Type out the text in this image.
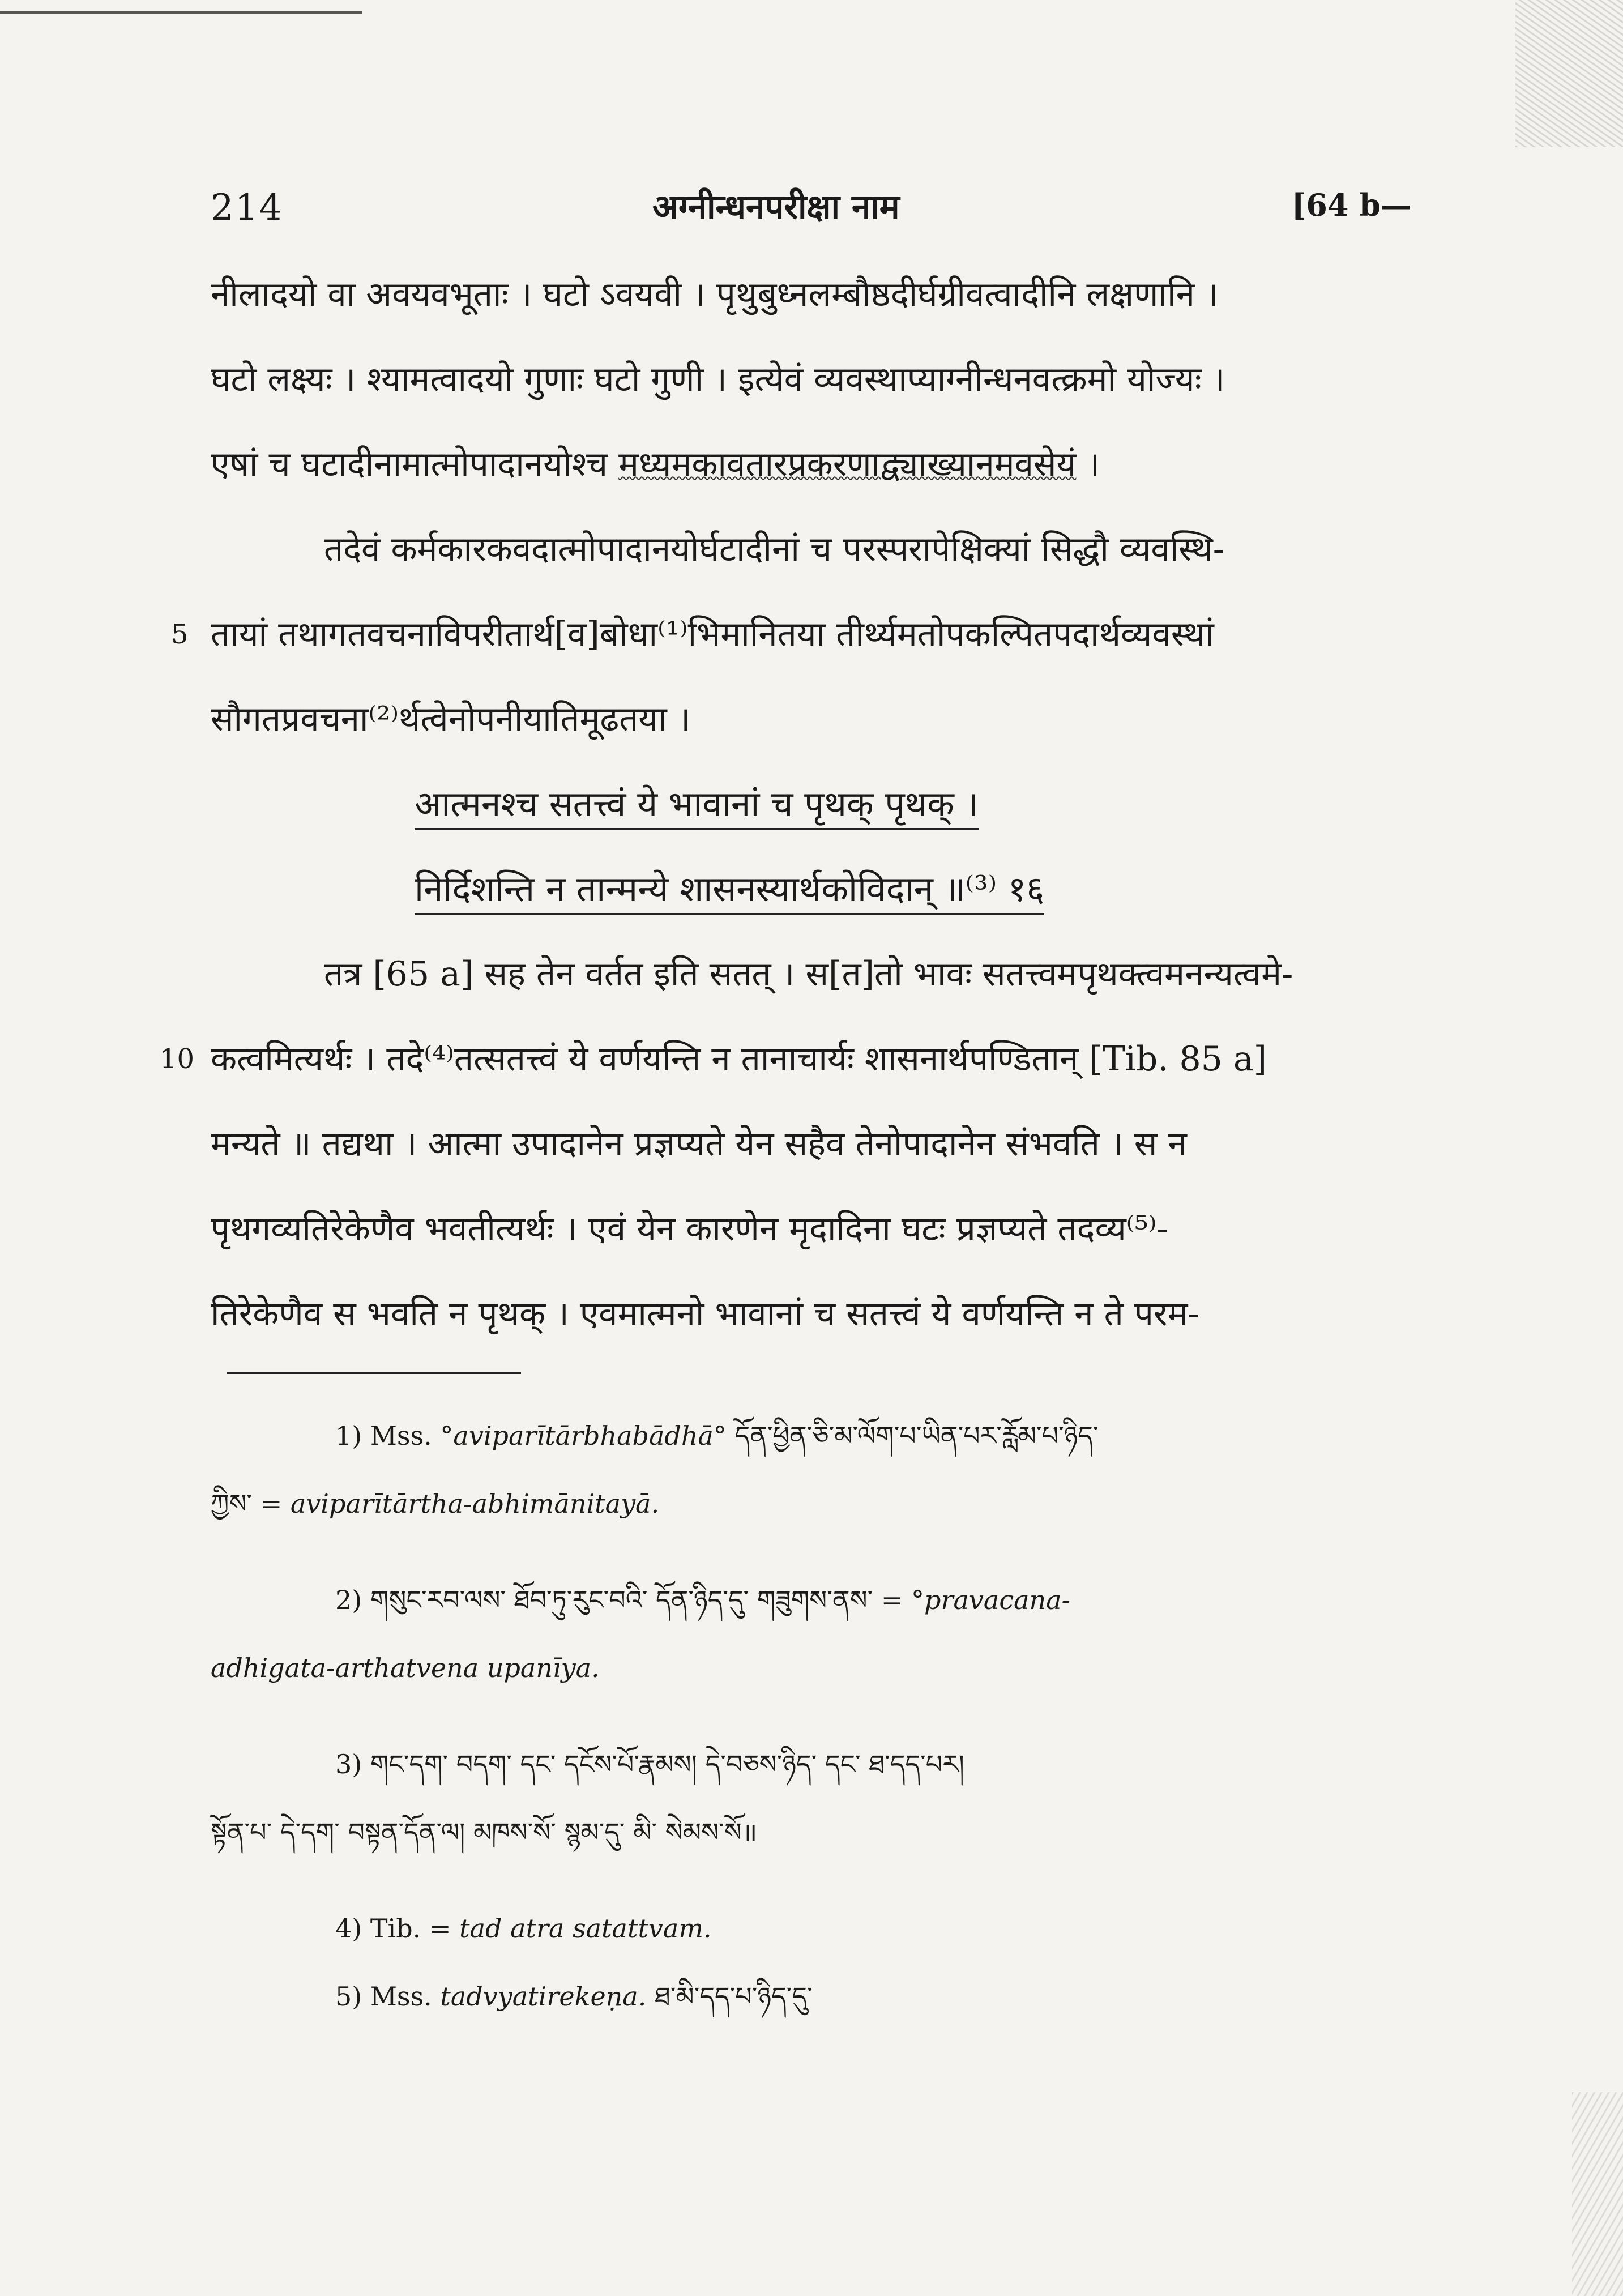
214	अग्नीन्धनपरीक्षा नाम	[64 b—
नीलादयो वा अवयवभूताः । घटो ऽवयवी । पृथुबुध्नलम्बौष्ठदीर्घग्रीवत्वादीनि लक्षणानि ।
घटो लक्ष्यः । श्यामत्वादयो गुणाः घटो गुणी । इत्येवं व्यवस्थाप्याग्नीन्धनवत्क्रमो योज्यः ।
एषां च घटादीनामात्मोपादानयोश्च मध्यमकावतारप्रकरणाद्व्याख्यानमवसेयं ।
तदेवं कर्मकारकवदात्मोपादानयोर्घटादीनां च परस्परापेक्षिक्यां सिद्धौ व्यवस्थि-
5 तायां तथागतवचनाविपरीतार्थ[व]बोधा⁽¹⁾भिमानितया तीर्थ्यमतोपकल्पितपदार्थव्यवस्थां
सौगतप्रवचना⁽²⁾र्थत्वेनोपनीयातिमूढतया ।
आत्मनश्च सतत्त्वं ये भावानां च पृथक् पृथक् ।
निर्दिशन्ति न तान्मन्ये शासनस्यार्थकोविदान् ॥⁽³⁾ १६
तत्र [65 a] सह तेन वर्तत इति सतत् । स[त]तो भावः सतत्त्वमपृथक्त्वमनन्यत्वमे-
10 कत्वमित्यर्थः । तदे⁽⁴⁾तत्सतत्त्वं ये वर्णयन्ति न तानाचार्यः शासनार्थपण्डितान् [Tib. 85 a]
मन्यते ॥ तद्यथा । आत्मा उपादानेन प्रज्ञप्यते येन सहैव तेनोपादानेन संभवति । स न
पृथगव्यतिरेकेणैव भवतीत्यर्थः । एवं येन कारणेन मृदादिना घटः प्रज्ञप्यते तदव्य⁽⁵⁾-
तिरेकेणैव स भवति न पृथक् । एवमात्मनो भावानां च सतत्त्वं ये वर्णयन्ति न ते परम-
1) Mss. °aviparītārbhabādhā° དོན་ཕྱིན་ཅི་མ་ལོག་པ་ཡིན་པར་རློམ་པ་ཉིད་
ཀྱིས་ = aviparītārtha-abhimānitayā.
2) གསུང་རབ་ལས་ ཐོབ་ཏུ་རུང་བའི་ དོན་ཉིད་དུ་ གཟུགས་ནས་ = °pravacana-
adhigata-arthatvena upanīya.
3) གང་དག་ བདག་ དང་ དངོས་པོ་རྣམས། དེ་བཅས་ཉིད་ དང་ ཐ་དད་པར།
སྟོན་པ་ དེ་དག་ བསྟན་དོན་ལ། མཁས་སོ་ སྙམ་དུ་ མི་ སེམས་སོ॥
4) Tib. = tad atra satattvam.
5) Mss. tadvyatirekeṇa. ཐ་མི་དད་པ་ཉིད་དུ་
